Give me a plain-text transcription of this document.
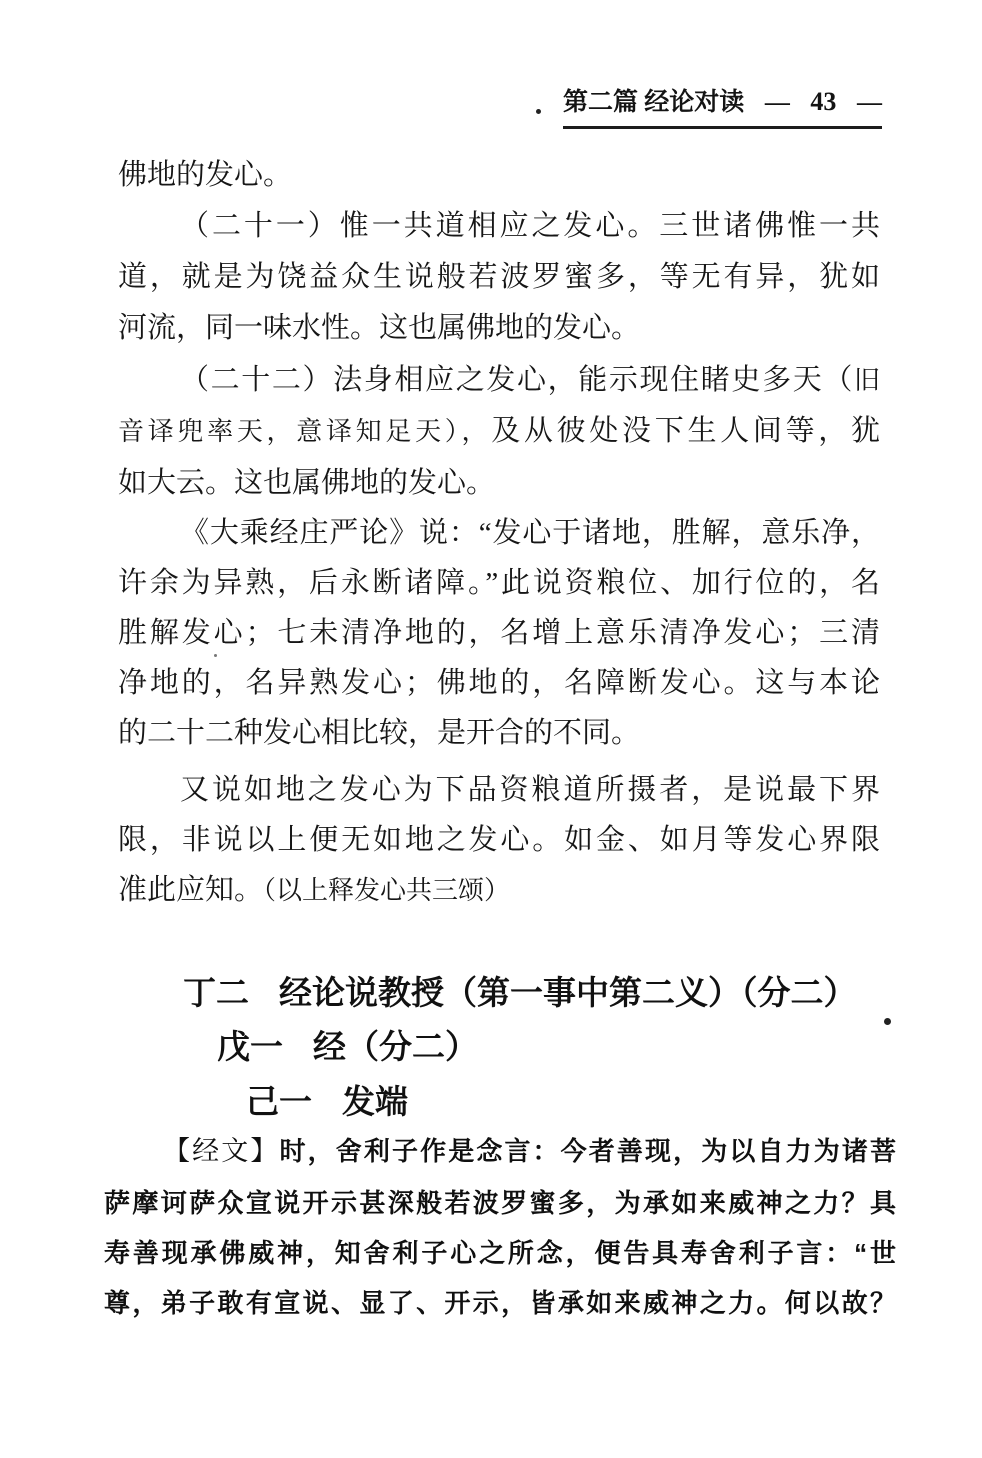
第二篇 经论对读 — 43 —
佛地的发心。
（二十一）惟一共道相应之发心。三世诸佛惟一共
道，就是为饶益众生说般若波罗蜜多，等无有异，犹如
河流，同一味水性。这也属佛地的发心。
（二十二）法身相应之发心，能示现住睹史多天（旧
音译兜率天，意译知足天），及从彼处没下生人间等，犹
如大云。这也属佛地的发心。
《大乘经庄严论》说：“发心于诸地，胜解，意乐净，
许余为异熟，后永断诸障。”此说资粮位、加行位的，名
胜解发心；七未清净地的，名增上意乐清净发心；三清
净地的，名异熟发心；佛地的，名障断发心。这与本论
的二十二种发心相比较，是开合的不同。
又说如地之发心为下品资粮道所摄者，是说最下界
限，非说以上便无如地之发心。如金、如月等发心界限
准此应知。（以上释发心共三颂）
丁二 经论说教授（第一事中第二义）（分二）
戊一 经（分二）
己一 发端
【经文】时，舍利子作是念言：今者善现，为以自力为诸菩
萨摩诃萨众宣说开示甚深般若波罗蜜多，为承如来威神之力？具
寿善现承佛威神，知舍利子心之所念，便告具寿舍利子言：“世
尊，弟子敢有宣说、显了、开示，皆承如来威神之力。何以故？
